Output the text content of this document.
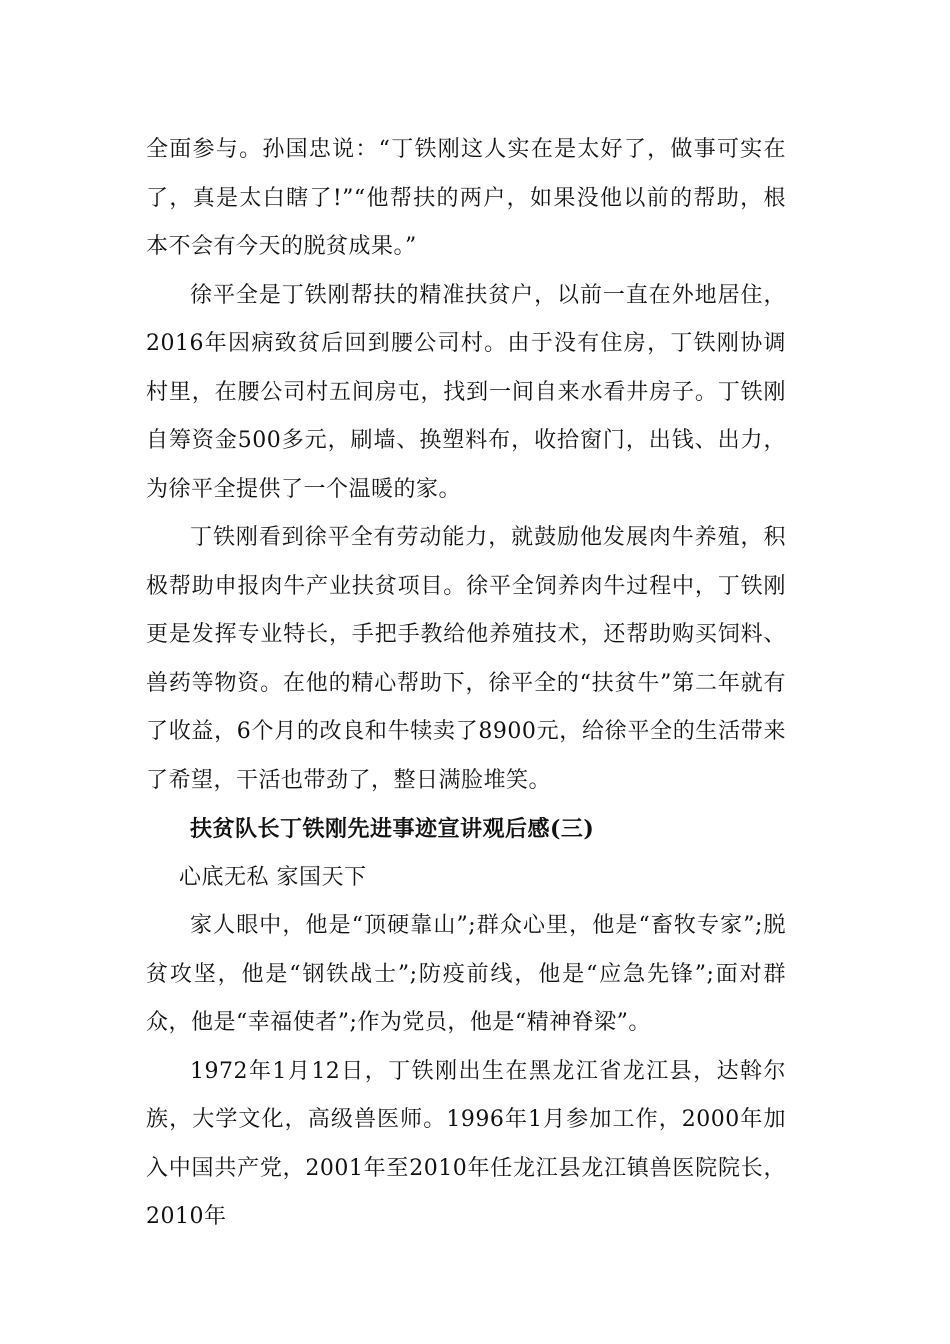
全面参与。孙国忠说：“丁铁刚这人实在是太好了，做事可实在了，真是太白瞎了!”“他帮扶的两户，如果没他以前的帮助，根本不会有今天的脱贫成果。”

徐平全是丁铁刚帮扶的精准扶贫户，以前一直在外地居住，2016年因病致贫后回到腰公司村。由于没有住房，丁铁刚协调村里，在腰公司村五间房屯，找到一间自来水看井房子。丁铁刚自筹资金500多元，刷墙、换塑料布，收拾窗门，出钱、出力，为徐平全提供了一个温暖的家。

丁铁刚看到徐平全有劳动能力，就鼓励他发展肉牛养殖，积极帮助申报肉牛产业扶贫项目。徐平全饲养肉牛过程中，丁铁刚更是发挥专业特长，手把手教给他养殖技术，还帮助购买饲料、兽药等物资。在他的精心帮助下，徐平全的“扶贫牛”第二年就有了收益，6个月的改良和牛犊卖了8900元，给徐平全的生活带来了希望，干活也带劲了，整日满脸堆笑。

扶贫队长丁铁刚先进事迹宣讲观后感(三)

心底无私 家国天下

家人眼中，他是“顶硬靠山”;群众心里，他是“畜牧专家”;脱贫攻坚，他是“钢铁战士”;防疫前线，他是“应急先锋”;面对群众，他是“幸福使者”;作为党员，他是“精神脊梁”。

1972年1月12日，丁铁刚出生在黑龙江省龙江县，达斡尔族，大学文化，高级兽医师。1996年1月参加工作，2000年加入中国共产党，2001年至2010年任龙江县龙江镇兽医院院长，2010年
